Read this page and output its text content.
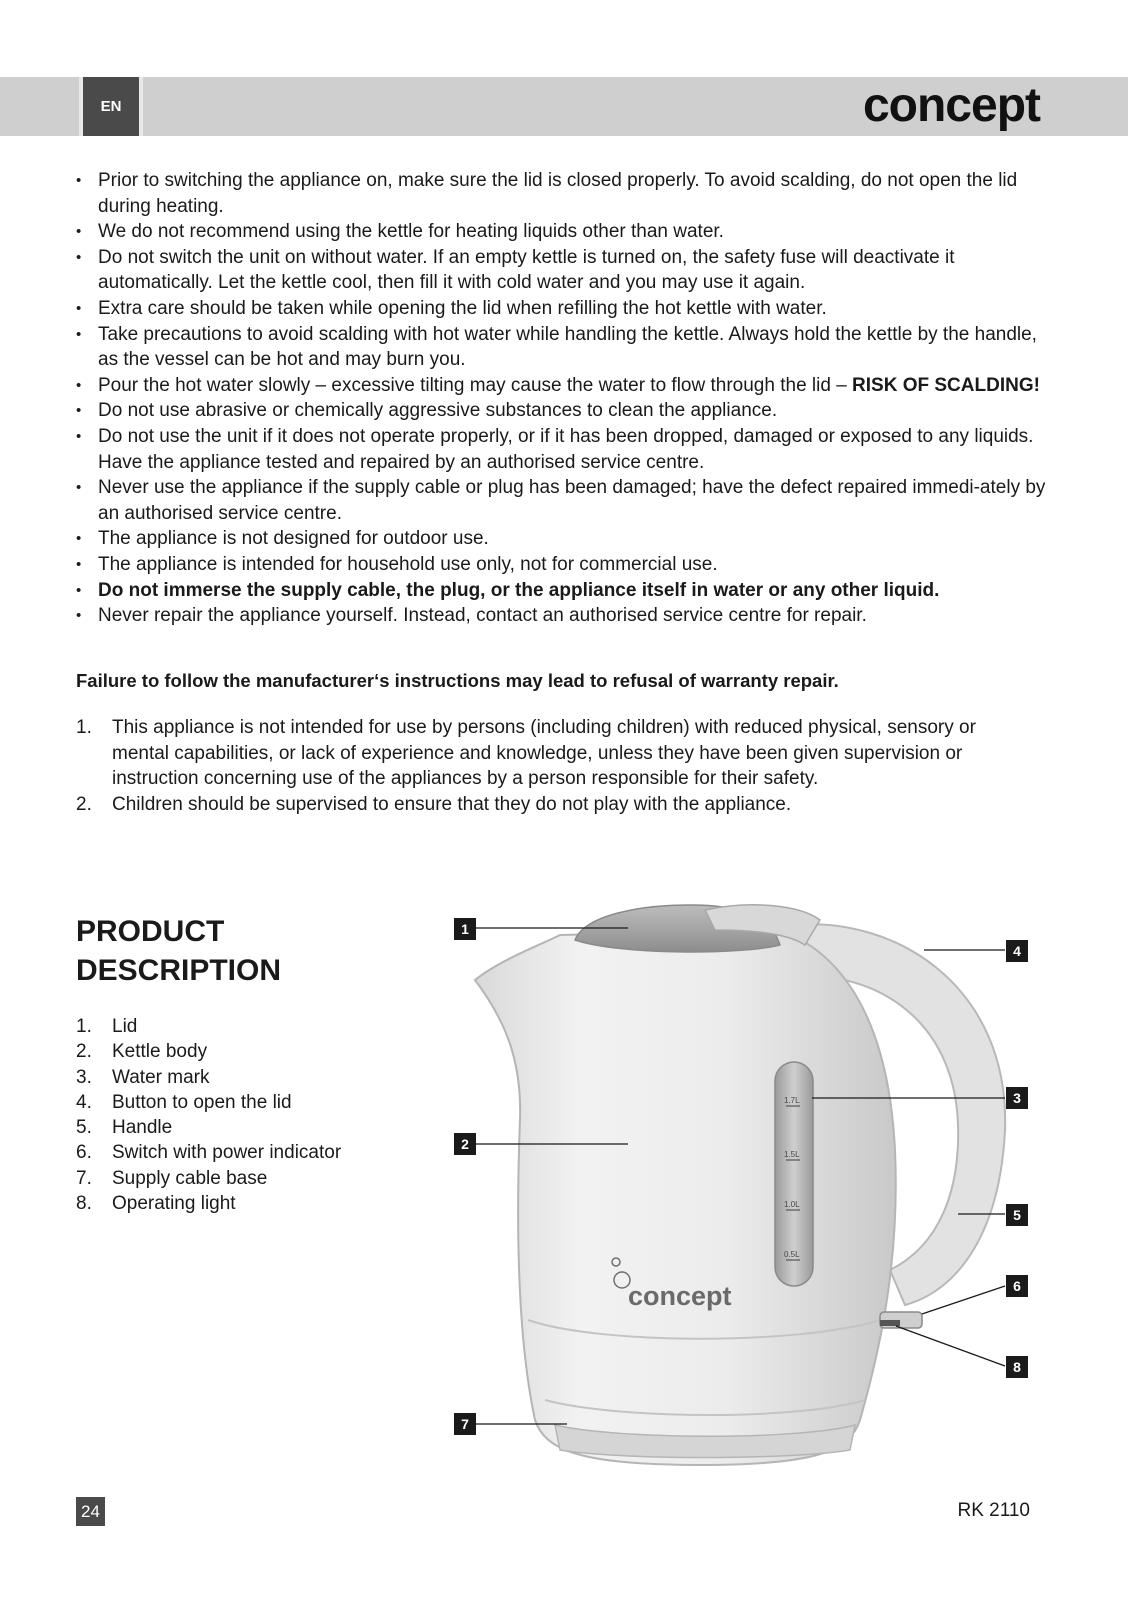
EN	concept
• Prior to switching the appliance on, make sure the lid is closed properly. To avoid scalding, do not open the lid during heating.
• We do not recommend using the kettle for heating liquids other than water.
• Do not switch the unit on without water. If an empty kettle is turned on, the safety fuse will deactivate it automatically. Let the kettle cool, then fill it with cold water and you may use it again.
• Extra care should be taken while opening the lid when refilling the hot kettle with water.
• Take precautions to avoid scalding with hot water while handling the kettle. Always hold the kettle by the handle, as the vessel can be hot and may burn you.
• Pour the hot water slowly – excessive tilting may cause the water to flow through the lid – RISK OF SCALDING!
• Do not use abrasive or chemically aggressive substances to clean the appliance.
• Do not use the unit if it does not operate properly, or if it has been dropped, damaged or exposed to any liquids. Have the appliance tested and repaired by an authorised service centre.
• Never use the appliance if the supply cable or plug has been damaged; have the defect repaired immedi-ately by an authorised service centre.
• The appliance is not designed for outdoor use.
• The appliance is intended for household use only, not for commercial use.
• Do not immerse the supply cable, the plug, or the appliance itself in water or any other liquid.
• Never repair the appliance yourself. Instead, contact an authorised service centre for repair.
Failure to follow the manufacturer‘s instructions may lead to refusal of warranty repair.
1. This appliance is not intended for use by persons (including children) with reduced physical, sensory or mental capabilities, or lack of experience and knowledge, unless they have been given supervision or instruction concerning use of the appliances by a person responsible for their safety.
2. Children should be supervised to ensure that they do not play with the appliance.
PRODUCT
DESCRIPTION
1. Lid
2. Kettle body
3. Water mark
4. Button to open the lid
5. Handle
6. Switch with power indicator
7. Supply cable base
8. Operating light
1.7L
1.5L
1.0L
0.5L
concept
1
2
3
4
5
6
7
8
24	RK 2110
